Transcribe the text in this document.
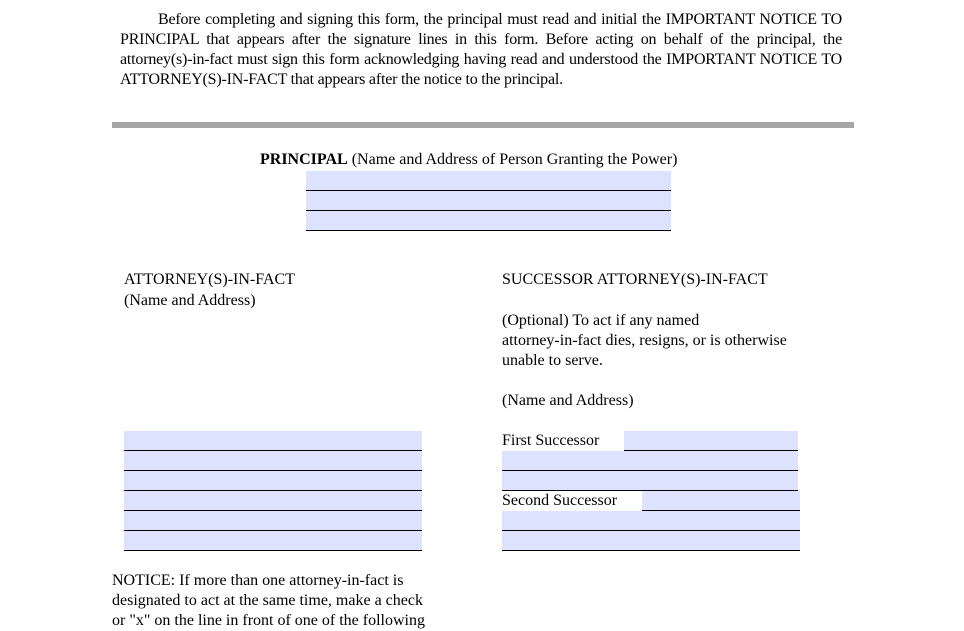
Before completing and signing this form, the principal must read and initial the IMPORTANT NOTICE TO PRINCIPAL that appears after the signature lines in this form. Before acting on behalf of the principal, the attorney(s)-in-fact must sign this form acknowledging having read and understood the IMPORTANT NOTICE TO ATTORNEY(S)-IN-FACT that appears after the notice to the principal.
PRINCIPAL (Name and Address of Person Granting the Power)
ATTORNEY(S)-IN-FACT
(Name and Address)
SUCCESSOR ATTORNEY(S)-IN-FACT
(Optional) To act if any named
attorney-in-fact dies, resigns, or is otherwise
unable to serve.
(Name and Address)
First Successor
Second Successor
NOTICE: If more than one attorney-in-fact is
designated to act at the same time, make a check
or "x" on the line in front of one of the following
